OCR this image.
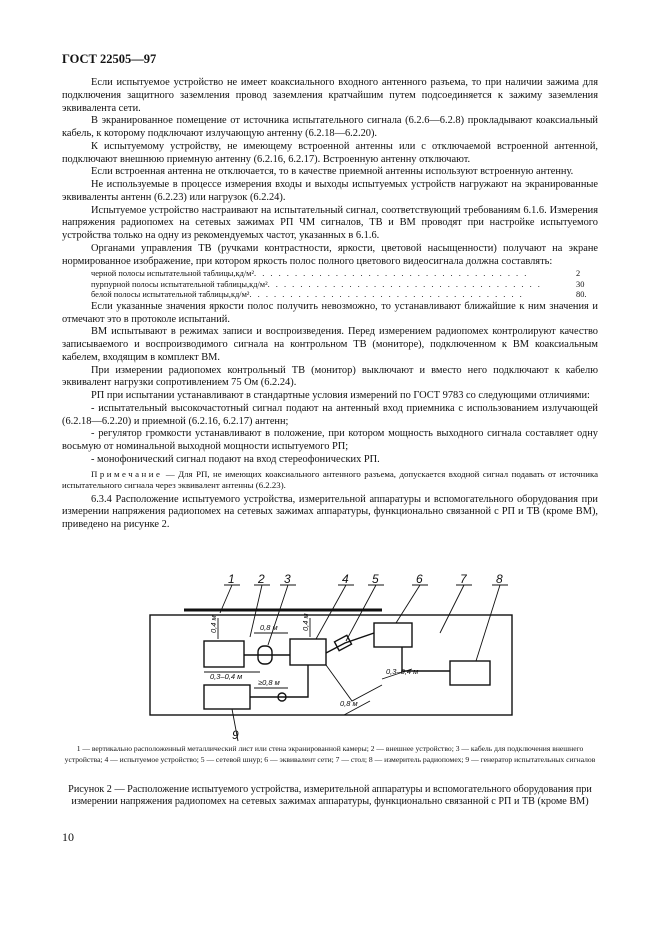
ГОСТ 22505—97

Если испытуемое устройство не имеет коаксиального входного антенного разъема, то при наличии зажима для подключения защитного заземления провод заземления кратчайшим путем подсоединяется к зажиму заземления эквивалента сети.

В экранированное помещение от источника испытательного сигнала (6.2.6—6.2.8) прокладывают коаксиальный кабель, к которому подключают излучающую антенну (6.2.18—6.2.20).

К испытуемому устройству, не имеющему встроенной антенны или с отключаемой встроенной антенной, подключают внешнюю приемную антенну (6.2.16, 6.2.17). Встроенную антенну отключают.

Если встроенная антенна не отключается, то в качестве приемной антенны используют встроенную антенну.

Не используемые в процессе измерения входы и выходы испытуемых устройств нагружают на экранированные эквиваленты антенн (6.2.23) или нагрузок (6.2.24).

Испытуемое устройство настраивают на испытательный сигнал, соответствующий требованиям 6.1.6. Измерения напряжения радиопомех на сетевых зажимах РП ЧМ сигналов, ТВ и ВМ проводят при настройке испытуемого устройства только на одну из рекомендуемых частот, указанных в 6.1.6.

Органами управления ТВ (ручками контрастности, яркости, цветовой насыщенности) получают на экране нормированное изображение, при котором яркость полос полного цветового видеосигнала должна составлять:

черной полосы испытательной таблицы,кд/м² . . . . . . . . . . . . . . . . . . . . . . . . . . . . . . . . . .	2
пурпурной полосы испытательной таблицы,кд/м² . . . . . . . . . . . . . . . . . . . . . . . . . . . . . . . . . .	30
белой полосы испытательной таблицы,кд/м² . . . . . . . . . . . . . . . . . . . . . . . . . . . . . . . . . .	80.

Если указанные значения яркости полос получить невозможно, то устанавливают ближайшие к ним значения и отмечают это в протоколе испытаний.

ВМ испытывают в режимах записи и воспроизведения. Перед измерением радиопомех контролируют качество записываемого и воспроизводимого сигнала на контрольном ТВ (мониторе), подключенном к ВМ коаксиальным кабелем, входящим в комплект ВМ.

При измерении радиопомех контрольный ТВ (монитор) выключают и вместо него подключают к кабелю эквивалент нагрузки сопротивлением 75 Ом (6.2.24).

РП при испытании устанавливают в стандартные условия измерений по ГОСТ 9783 со следующими отличиями:

- испытательный высокочастотный сигнал подают на антенный вход приемника с использованием излучающей (6.2.18—6.2.20) и приемной (6.2.16, 6.2.17) антенн;

- регулятор громкости устанавливают в положение, при котором мощность выходного сигнала составляет одну восьмую от номинальной выходной мощности испытуемого РП;

- монофонический сигнал подают на вход стереофонических РП.

Примечание — Для РП, не имеющих коаксиального антенного разъема, допускается входной сигнал подавать от источника испытательного сигнала через эквивалент антенны (6.2.23).

6.3.4 Расположение испытуемого устройства, измерительной аппаратуры и вспомогательного оборудования при измерении напряжения радиопомех на сетевых зажимах аппаратуры, функционально связанной с РП и ТВ (кроме ВМ), приведено на рисунке 2.

1 2 3	4 5	6	7 8
9
0,4 м	0,8 м	0,4 м
0,3–0,4 м
≥0,8 м
0,8 м
0,3–0,4 м
1 — вертикально расположенный металлический лист или стена экранированной камеры; 2 — внешнее устройство; 3 — кабель для подключения внешнего устройства; 4 — испытуемое устройство; 5 — сетевой шнур; 6 — эквивалент сети; 7 — стол; 8 — измеритель радиопомех; 9 — генератор испытательных сигналов
Рисунок 2 — Расположение испытуемого устройства, измерительной аппаратуры и вспомогательного оборудования при измерении напряжения радиопомех на сетевых зажимах аппаратуры, функционально связанной с РП и ТВ (кроме ВМ)
10
